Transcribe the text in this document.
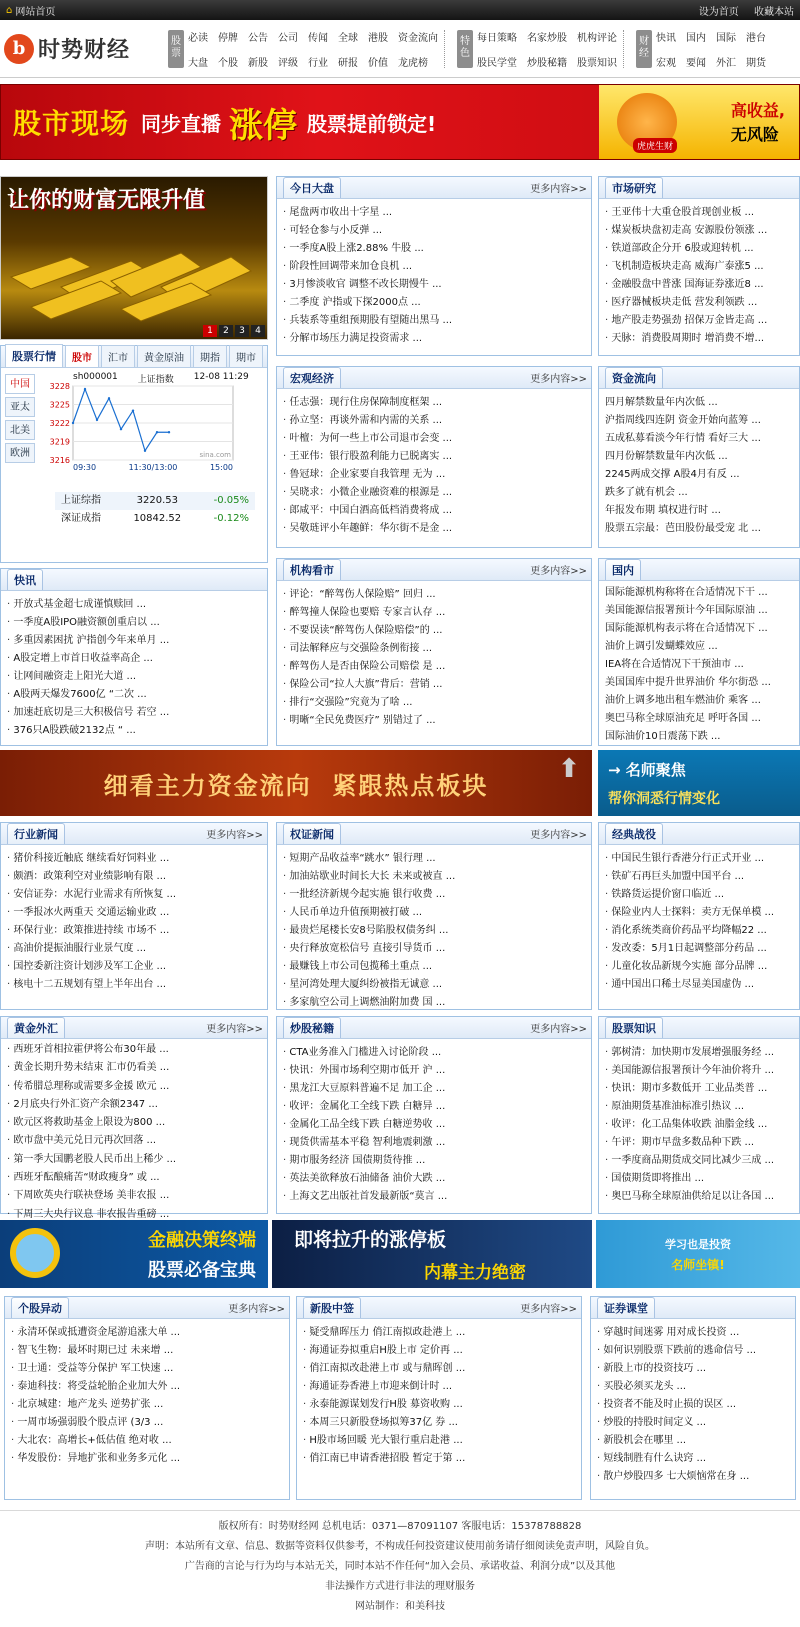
⌂ 网站首页	设为首页 收藏本站
b 时势财经	股票
必读 停牌 公告 公司 传闻 全球 港股 资金流向
大盘 个股 新股 评级 行业 研报 价值 龙虎榜
特色
每日策略 名家炒股 机构评论
股民学堂 炒股秘籍 股票知识
财经
快讯 国内 国际 港台
宏观 要闻 外汇 期货
股市现场 同步直播 涨停 股票提前锁定!
高收益,
无风险
虎虎生财
让你的财富无限升值
1	2	3	4
股票行情	股市	汇市	黄金原油	期指	期市
中国
亚太
北美
欧洲
sh000001 上证指数 12-08 11:29
3228
3225
3222
3219
3216
09:30	11:30/13:00	15:00
sina.com
上证综指	3220.53	-0.05%
深证成指	10842.52	-0.12%
今日大盘	更多内容>>
· 尾盘两市收出十字星 ...
· 可轻仓参与小反弹 ...
· 一季度A股上涨2.88% 牛股 ...
· 阶段性回调带来加仓良机 ...
· 3月惨淡收官 调整不改长期慢牛 ...
· 二季度 沪指或下探2000点 ...
· 兵装系等重组预期股有望随出黑马 ...
· 分解市场压力满足投资需求 ...
市场研究
· 王亚伟十大重仓股首现创业板 ...
· 煤炭板块盘初走高 安源股份领涨 ...
· 铁道部政企分开 6股或迎转机 ...
· 飞机制造板块走高 威海广泰涨5 ...
· 金融股盘中普涨 国海证券涨近8 ...
· 医疗器械板块走低 营发利领跌 ...
· 地产股走势强劲 招保万金皆走高 ...
· 天脉：消费股周期时 增消费不增...
宏观经济	更多内容>>
· 任志强：现行住房保障制度框架 ...
· 孙立坚：再谈外需和内需的关系 ...
· 叶檀：为何一些上市公司退市会变 ...
· 王亚伟：银行股盈利能力已脱离实 ...
· 鲁冠球：企业家要自我管理 无为 ...
· 吴晓求：小微企业融资难的根源是 ...
· 郎咸平：中国白酒高低档消费将成 ...
· 吴敬琏评小年趣鲜：华尔街不是金 ...
资金流向
四月解禁数量年内次低 ...
沪指周线四连阴 资金开始向蓝筹 ...
五成私募看淡今年行情 看好三大 ...
四月份解禁数量年内次低 ...
2245两成交撑 A股4月有反 ...
跌多了就有机会 ...
年报发布期 填权进行时 ...
股票五宗最：芭田股份最受宠 北 ...
快讯
· 开放式基金超七成谨慎赎回 ...
· 一季度A股IPO融资额创重启以 ...
· 多重因素困扰 沪指创今年来单月 ...
· A股定增上市首日收益率高企 ...
· 让网间融资走上阳光大道 ...
· A股两天爆发7600亿 “二次 ...
· 加速赶底切是三大积极信号 若空 ...
· 376只A股跌破2132点 “ ...
机构看市	更多内容>>
· 评论：“醉驾伤人保险赔” 回归 ...
· 醉驾撞人保险也要赔 专家言认存 ...
· 不要误读“醉驾伤人保险赔偿”的 ...
· 司法解释应与交强险条例衔接 ...
· 醉驾伤人是否由保险公司赔偿 是 ...
· 保险公司“拉人大旗”背后：营销 ...
· 排行“交强险”究竟为了啥 ...
· 明晰“全民免费医疗” 别错过了 ...
国内
国际能源机构称将在合适情况下干 ...
美国能源信报署预计今年国际原油 ...
国际能源机构表示将在合适情况下 ...
油价上调引发蝴蝶效应 ...
IEA将在合适情况下干预油市 ...
美国国库中提升世界油价 华尔街恐 ...
油价上调多地出租车燃油价 乘客 ...
奥巴马称全球原油充足 呼吁各国 ...
国际油价10日震荡下跌 ...
细看主力资金流向  紧跟热点板块
⬆ → 名师聚焦
帮你洞悉行情变化
行业新闻	更多内容>>
· 猪价科接近触底 继续看好饲料业 ...
· 颇酒：政策利空对业绩影响有限 ...
· 安信证券：水泥行业需求有所恢复 ...
· 一季报冰火两重天 交通运输业政 ...
· 环保行业：政策推进持续 市场不 ...
· 高油价提振油服行业景气度 ...
· 国控委新注资计划涉及军工企业 ...
· 核电十二五规划有望上半年出台 ...
权证新闻	更多内容>>
· 短期产品收益率“跳水” 银行理 ...
· 加油站歇业时间长大长 未来或被直 ...
· 一批经济新规今起实施 银行收费 ...
· 人民币单边升值预期被打破 ...
· 最贵烂尾楼长安8号陷股权债务纠 ...
· 央行释放宽松信号 直接引导货币 ...
· 最赚钱上市公司包揽稀土重点 ...
· 星河湾处理大厦纠纷被指无诚意 ...
· 多家航空公司上调燃油附加费 国 ...
经典战役
· 中国民生银行香港分行正式开业 ...
· 铁矿石再巨头加盟中国平台 ...
· 铁路货运提价窗口临近 ...
· 保险业内人士探料：卖方无保单模 ...
· 消化系统类商价药品平均降幅22 ...
· 发改委：5月1日起调整部分药品 ...
· 儿童化妆品新规今实施 部分品牌 ...
· 通中国出口稀土尽显美国虚伪 ...
黄金外汇	更多内容>>
· 西班牙首相拉霍伊将公布30年最 ...
· 黄金长期升势未结束 汇市仍看美 ...
· 传希腊总理称或需要多金援 欧元 ...
· 2月底央行外汇资产余额2347 ...
· 欧元区将救助基金上限设为800 ...
· 欧市盘中美元兑日元再次回落 ...
· 第一季大国鹏老股人民币出上稀少 ...
· 西班牙酝酿痛苦“财政瘦身” 或 ...
· 下周欧英央行联袂登场 美非农报 ...
· 下周三大央行议息 非农报告重磅 ...
·
炒股秘籍	更多内容>>
· CTA业务准入门槛进入讨论阶段 ...
· 快讯：外围市场利空期市低开 沪 ...
· 黑龙江大豆原料普遍不足 加工企 ...
· 收评：金属化工全线下跌 白糖异 ...
· 金属化工品全线下跌 白糖逆势收 ...
· 现货供需基本平稳 智利地震刺激 ...
· 期市服务经济 国债期货待推 ...
· 英法美欲释放石油储备 油价大跌 ...
· 上海文艺出版社首发最新版“莫言 ...
股票知识
· 郭树清：加快期市发展增强服务经 ...
· 美国能源信报署预计今年油价将升 ...
· 快讯：期市多数低开 工业品类普 ...
· 原油期货基准油标准引热议 ...
· 收评：化工品集体收跌 油脂金线 ...
· 午评：期市早盘多数品种下跌 ...
· 一季度商品期货成交同比减少三成 ...
· 国债期货即将推出 ...
· 奥巴马称全球原油供给足以让各国 ...
金融决策终端
股票必备宝典
即将拉升的涨停板
内幕主力绝密
学习也是投资
名师坐镇!
个股异动	更多内容>>
· 永清环保或抵遭资金尾游追涨大单 ...
· 智飞生物：最坏时期已过 未来增 ...
· 卫士通：受益等分保护 军工快速 ...
· 泰迪科技：将受益轮胎企业加大外 ...
· 北京城建：地产龙头 逆势扩张 ...
· 一周市场强弱股个股点评 (3/3 ...
· 大北农：高增长+低估值 绝对收 ...
· 华发股份：异地扩张和业务多元化 ...
新股中签	更多内容>>
· 疑受鼎晖压力 俏江南拟政赴港上 ...
· 海通证券拟重启H股上市 定价再 ...
· 俏江南拟改赴港上市 或与鼎晖创 ...
· 海通证券香港上市迎来倒计时 ...
· 永泰能源谋划发行H股 募资收购 ...
· 本周三只新股登场拟筹37亿 券 ...
· H股市场回暖 光大银行重启赴港 ...
· 俏江南已申请香港招股 暂定于第 ...
证券课堂
· 穿越时间迷雾 用对成长投资 ...
· 如何识别股票下跌前的逃命信号 ...
· 新股上市的投资技巧 ...
· 买股必须买龙头 ...
· 投资者不能及时止损的误区 ...
· 炒股的持股时间定义 ...
· 新股机会在哪里 ...
· 短线制胜有什么诀窍 ...
· 散户炒股四多 七大烦恼常在身 ...
版权所有：时势财经网 总机电话：0371—87091107 客服电话：15378788828
声明：本站所有文章、信息、数据等资料仅供参考，不构成任何投资建议使用前务请仔细阅读免责声明，风险自负。
广告商的言论与行为均与本站无关，同时本站不作任何“加入会员、承诺收益、利润分成”以及其他
非法操作方式进行非法的理财服务
网站制作：和美科技
